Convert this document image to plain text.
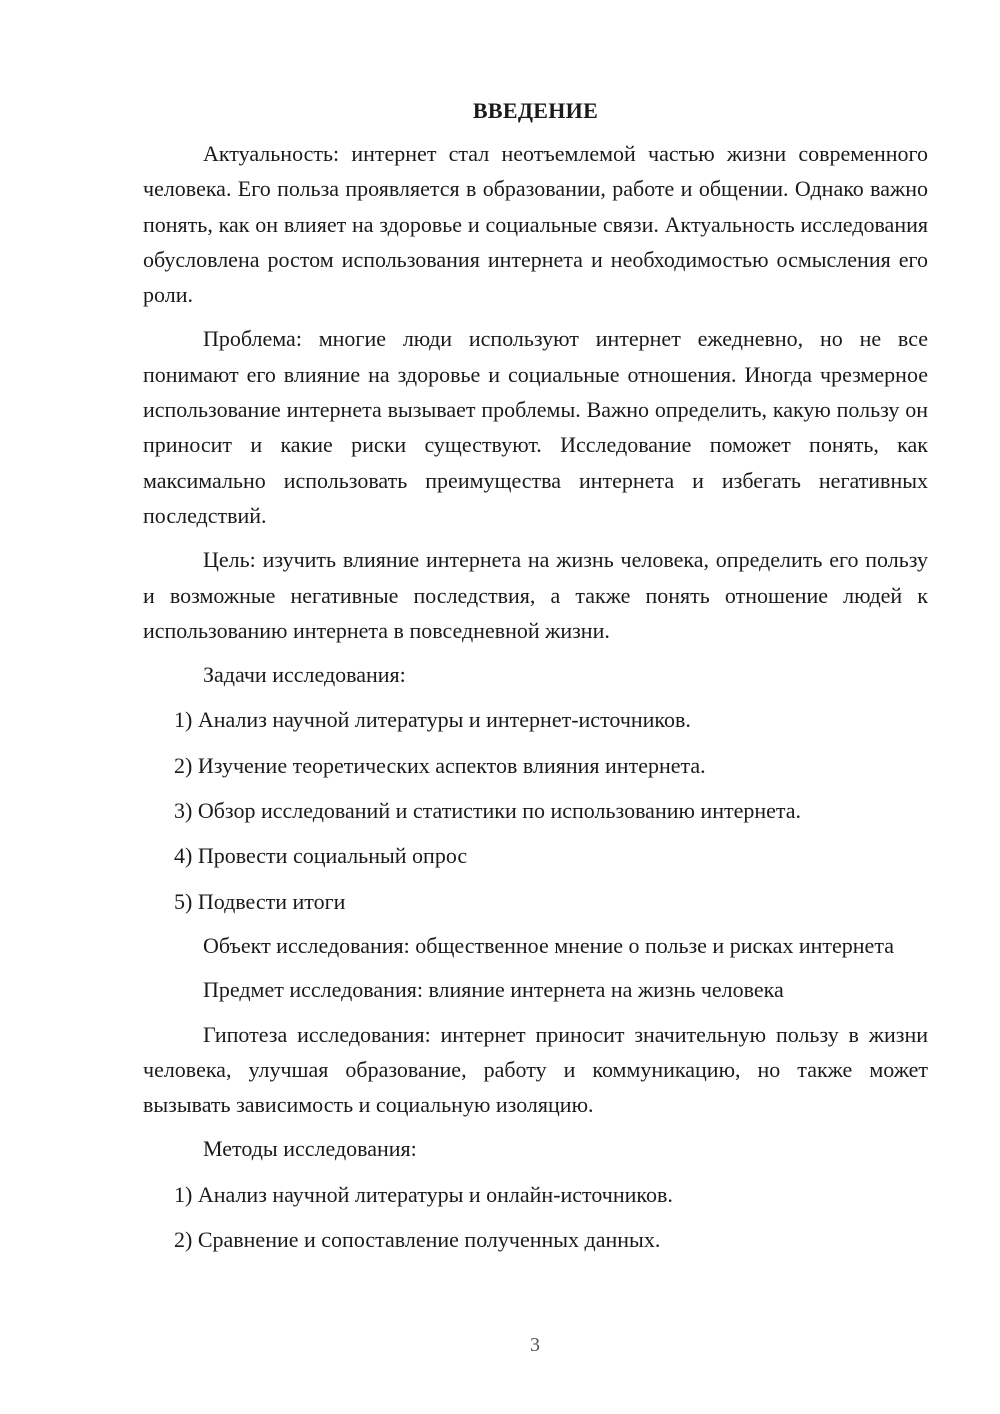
ВВЕДЕНИЕ

Актуальность: интернет стал неотъемлемой частью жизни современного человека. Его польза проявляется в образовании, работе и общении. Однако важно понять, как он влияет на здоровье и социальные связи. Актуальность исследования обусловлена ростом использования интернета и необходимостью осмысления его роли.

Проблема: многие люди используют интернет ежедневно, но не все понимают его влияние на здоровье и социальные отношения. Иногда чрезмерное использование интернета вызывает проблемы. Важно определить, какую пользу он приносит и какие риски существуют. Исследование поможет понять, как максимально использовать преимущества интернета и избегать негативных последствий.

Цель: изучить влияние интернета на жизнь человека, определить его пользу и возможные негативные последствия, а также понять отношение людей к использованию интернета в повседневной жизни.

Задачи исследования:

1) Анализ научной литературы и интернет-источников.

2) Изучение теоретических аспектов влияния интернета.

3) Обзор исследований и статистики по использованию интернета.

4) Провести социальный опрос

5) Подвести итоги

Объект исследования: общественное мнение о пользе и рисках интернета

Предмет исследования: влияние интернета на жизнь человека

Гипотеза исследования: интернет приносит значительную пользу в жизни человека, улучшая образование, работу и коммуникацию, но также может вызывать зависимость и социальную изоляцию.

Методы исследования:

1) Анализ научной литературы и онлайн-источников.

2) Сравнение и сопоставление полученных данных.

3
